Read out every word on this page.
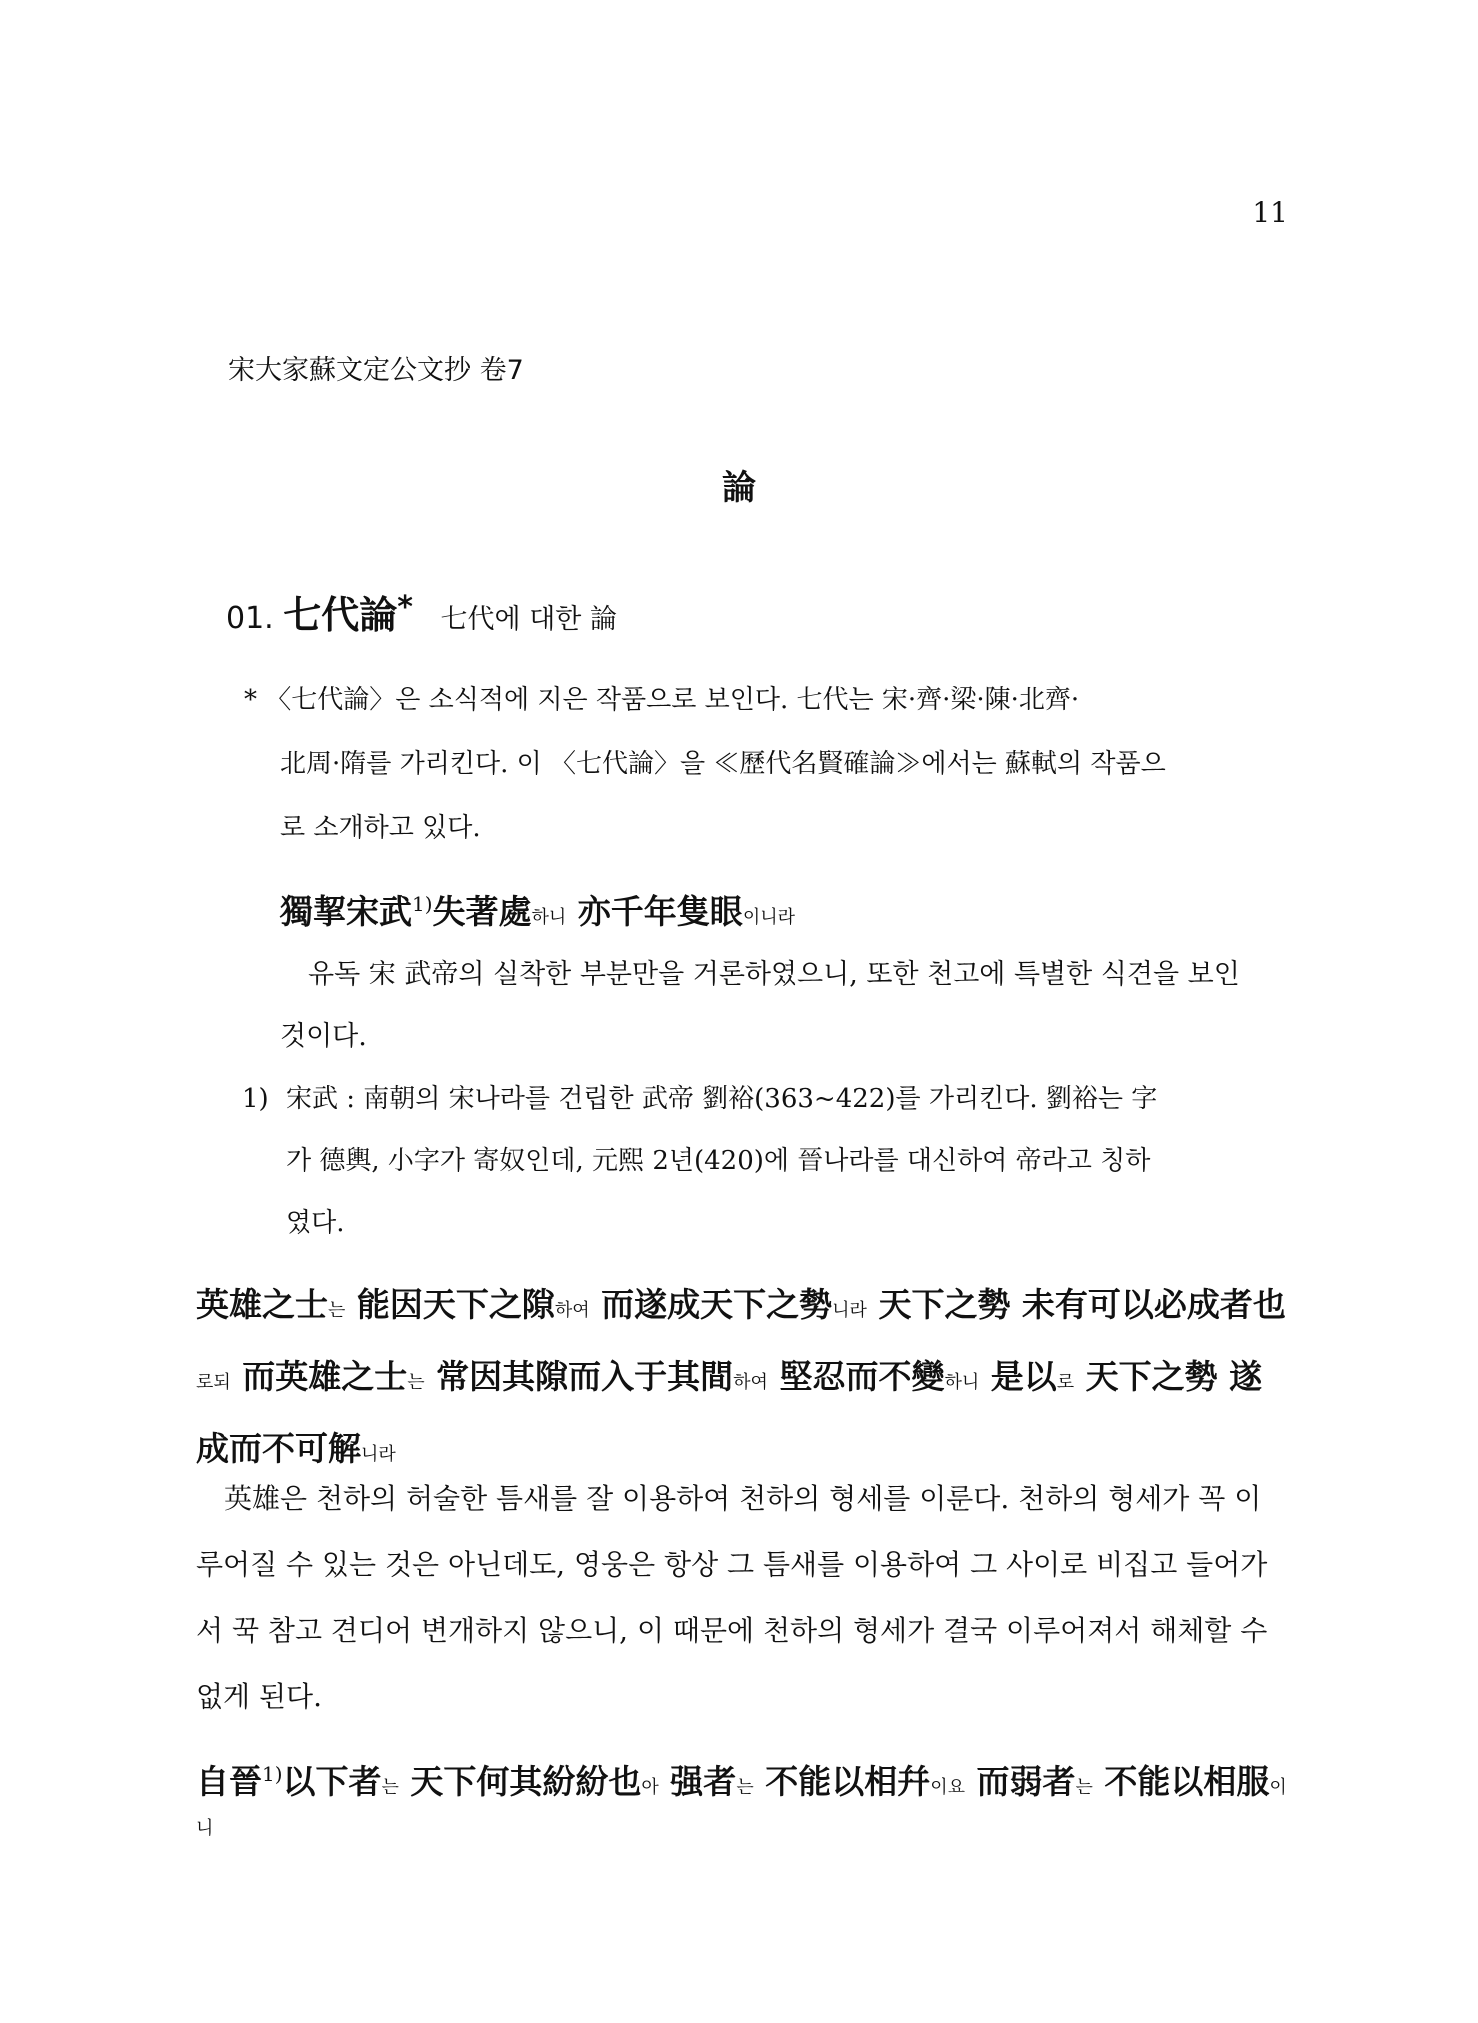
11
宋大家蘇文定公文抄 卷7
論
01. 七代論* 七代에 대한 論
* 〈七代論〉은 소식적에 지은 작품으로 보인다. 七代는 宋·齊·梁·陳·北齊·
北周·隋를 가리킨다. 이 〈七代論〉을 ≪歷代名賢確論≫에서는 蘇軾의 작품으
로 소개하고 있다.
獨挈宋武$^{1)}$失著處하니 亦千年隻眼이니라
유독 宋 武帝의 실착한 부분만을 거론하였으니, 또한 천고에 특별한 식견을 보인 것이다.
1) 宋武 : 南朝의 宋나라를 건립한 武帝 劉裕(363~422)를 가리킨다. 劉裕는 字
가 德輿, 小字가 寄奴인데, 元熙 2년(420)에 晉나라를 대신하여 帝라고 칭하
였다.
英雄之士는 能因天下之隙하여 而遂成天下之勢니라 天下之勢 未有可以必成者也로되 而英雄之士는 常因其隙而入于其間하여 堅忍而不變하니 是以로 天下之勢 遂成而不可解니라
英雄은 천하의 허술한 틈새를 잘 이용하여 천하의 형세를 이룬다. 천하의 형세가 꼭 이루어질 수 있는 것은 아닌데도, 영웅은 항상 그 틈새를 이용하여 그 사이로 비집고 들어가서 꾹 참고 견디어 변개하지 않으니, 이 때문에 천하의 형세가 결국 이루어져서 해체할 수 없게 된다.
自晉$^{1)}$以下者는 天下何其紛紛也아 强者는 不能以相幷이요 而弱者는 不能以相服이니
